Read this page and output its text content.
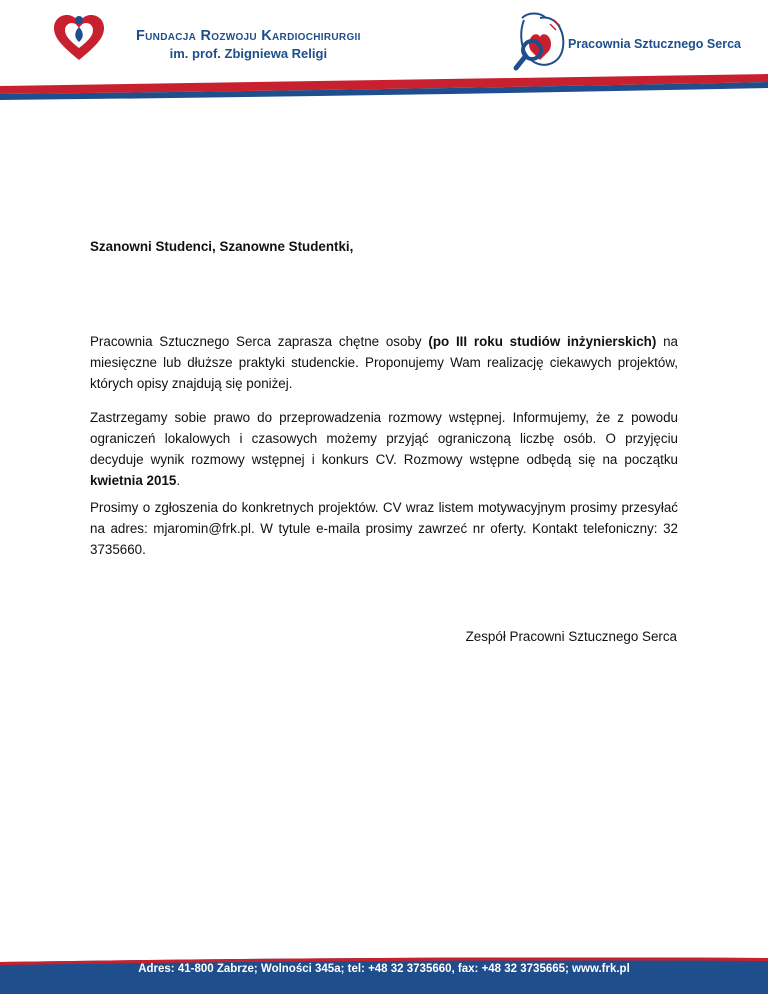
Fundacja Rozwoju Kardiochirurgii
im. prof. Zbigniewa Religi
Pracownia Sztucznego Serca
Szanowni Studenci, Szanowne Studentki,

Pracownia Sztucznego Serca zaprasza chętne osoby (po III roku studiów inżynierskich) na miesięczne lub dłuższe praktyki studenckie. Proponujemy Wam realizację ciekawych projektów, których opisy znajdują się poniżej.

Zastrzegamy sobie prawo do przeprowadzenia rozmowy wstępnej. Informujemy, że z powodu ograniczeń lokalowych i czasowych możemy przyjąć ograniczoną liczbę osób. O przyjęciu decyduje wynik rozmowy wstępnej i konkurs CV. Rozmowy wstępne odbędą się na początku kwietnia 2015.

Prosimy o zgłoszenia do konkretnych projektów. CV wraz listem motywacyjnym prosimy przesyłać na adres: mjaromin@frk.pl. W tytule e-maila prosimy zawrzeć nr oferty. Kontakt telefoniczny: 32 3735660.

Zespół Pracowni Sztucznego Serca
Adres: 41-800 Zabrze; Wolności 345a; tel: +48 32 3735660, fax: +48 32 3735665; www.frk.pl
